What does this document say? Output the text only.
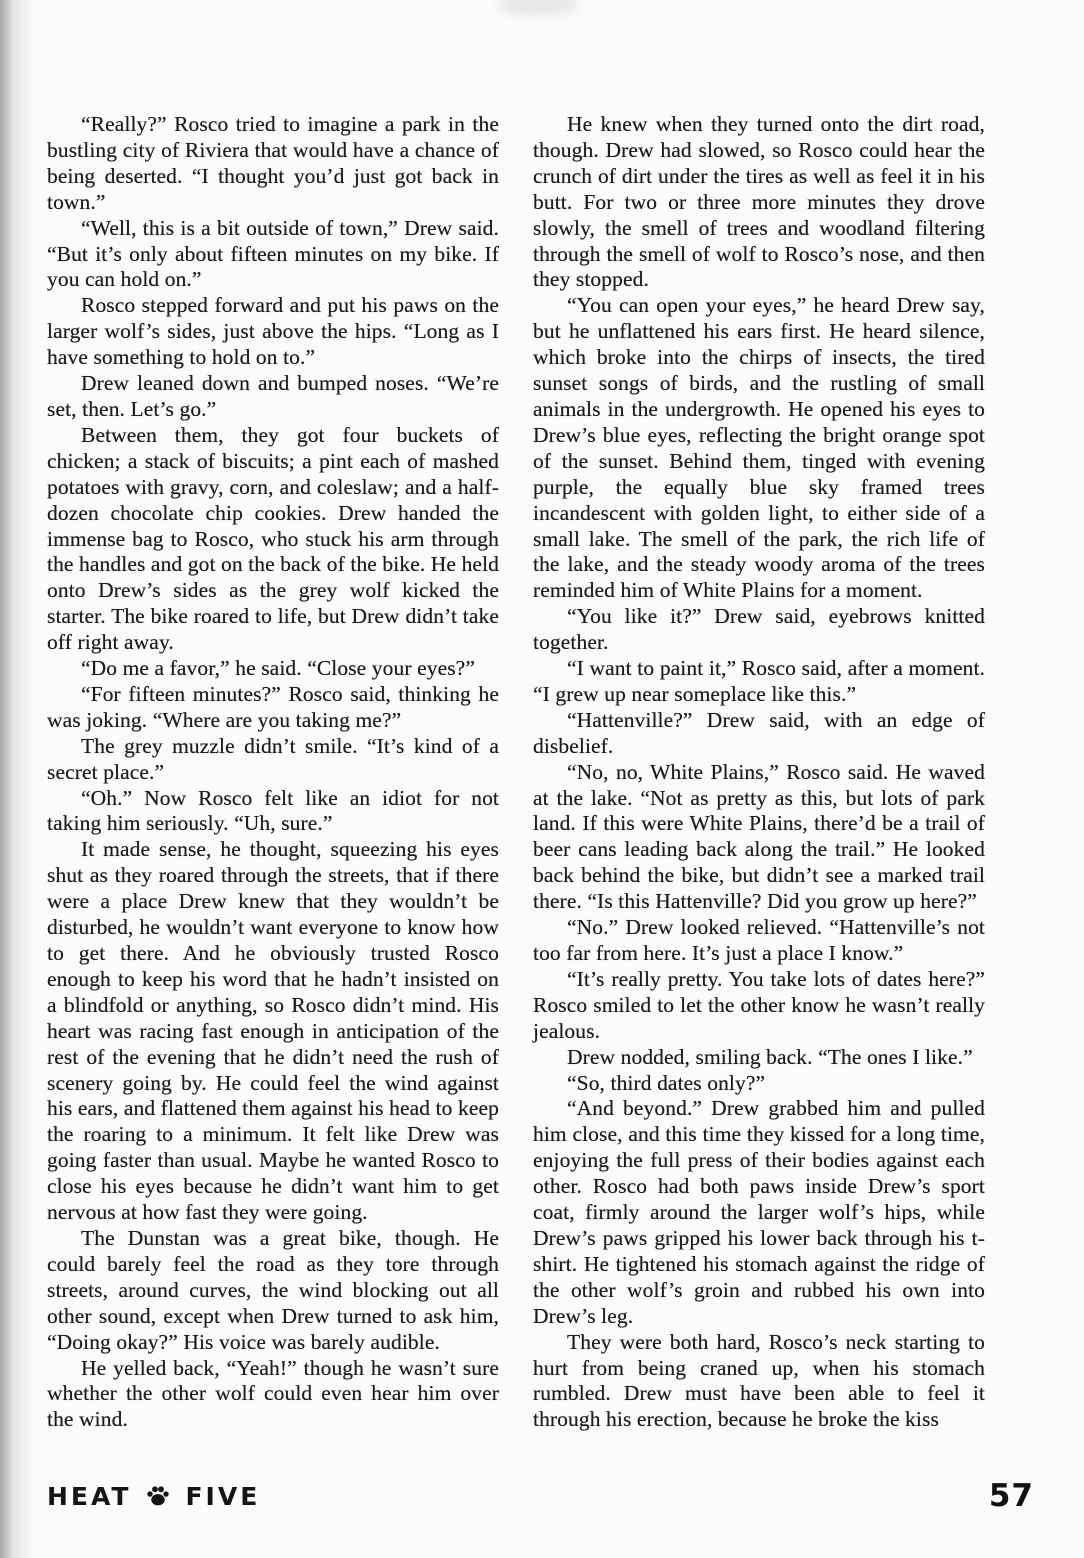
“Really?” Rosco tried to imagine a park in the bustling city of Riviera that would have a chance of being deserted. “I thought you’d just got back in town.”

“Well, this is a bit outside of town,” Drew said. “But it’s only about fifteen minutes on my bike. If you can hold on.”

Rosco stepped forward and put his paws on the larger wolf’s sides, just above the hips. “Long as I have something to hold on to.”

Drew leaned down and bumped noses. “We’re set, then. Let’s go.”

Between them, they got four buckets of chicken; a stack of biscuits; a pint each of mashed potatoes with gravy, corn, and coleslaw; and a half-dozen chocolate chip cookies. Drew handed the immense bag to Rosco, who stuck his arm through the handles and got on the back of the bike. He held onto Drew’s sides as the grey wolf kicked the starter. The bike roared to life, but Drew didn’t take off right away.

“Do me a favor,” he said. “Close your eyes?”

“For fifteen minutes?” Rosco said, thinking he was joking. “Where are you taking me?”

The grey muzzle didn’t smile. “It’s kind of a secret place.”

“Oh.” Now Rosco felt like an idiot for not taking him seriously. “Uh, sure.”

It made sense, he thought, squeezing his eyes shut as they roared through the streets, that if there were a place Drew knew that they wouldn’t be disturbed, he wouldn’t want everyone to know how to get there. And he obviously trusted Rosco enough to keep his word that he hadn’t insisted on a blindfold or anything, so Rosco didn’t mind. His heart was racing fast enough in anticipation of the rest of the evening that he didn’t need the rush of scenery going by. He could feel the wind against his ears, and flattened them against his head to keep the roaring to a minimum. It felt like Drew was going faster than usual. Maybe he wanted Rosco to close his eyes because he didn’t want him to get nervous at how fast they were going.

The Dunstan was a great bike, though. He could barely feel the road as they tore through streets, around curves, the wind blocking out all other sound, except when Drew turned to ask him, “Doing okay?” His voice was barely audible.

He yelled back, “Yeah!” though he wasn’t sure whether the other wolf could even hear him over the wind.

He knew when they turned onto the dirt road, though. Drew had slowed, so Rosco could hear the crunch of dirt under the tires as well as feel it in his butt. For two or three more minutes they drove slowly, the smell of trees and woodland filtering through the smell of wolf to Rosco’s nose, and then they stopped.

“You can open your eyes,” he heard Drew say, but he unflattened his ears first. He heard silence, which broke into the chirps of insects, the tired sunset songs of birds, and the rustling of small animals in the undergrowth. He opened his eyes to Drew’s blue eyes, reflecting the bright orange spot of the sunset. Behind them, tinged with evening purple, the equally blue sky framed trees incandescent with golden light, to either side of a small lake. The smell of the park, the rich life of the lake, and the steady woody aroma of the trees reminded him of White Plains for a moment.

“You like it?” Drew said, eyebrows knitted together.

“I want to paint it,” Rosco said, after a moment. “I grew up near someplace like this.”

“Hattenville?” Drew said, with an edge of disbelief.

“No, no, White Plains,” Rosco said. He waved at the lake. “Not as pretty as this, but lots of park land. If this were White Plains, there’d be a trail of beer cans leading back along the trail.” He looked back behind the bike, but didn’t see a marked trail there. “Is this Hattenville? Did you grow up here?”

“No.” Drew looked relieved. “Hattenville’s not too far from here. It’s just a place I know.”

“It’s really pretty. You take lots of dates here?” Rosco smiled to let the other know he wasn’t really jealous.

Drew nodded, smiling back. “The ones I like.”

“So, third dates only?”

“And beyond.” Drew grabbed him and pulled him close, and this time they kissed for a long time, enjoying the full press of their bodies against each other. Rosco had both paws inside Drew’s sport coat, firmly around the larger wolf’s hips, while Drew’s paws gripped his lower back through his t-shirt. He tightened his stomach against the ridge of the other wolf’s groin and rubbed his own into Drew’s leg.

They were both hard, Rosco’s neck starting to hurt from being craned up, when his stomach rumbled. Drew must have been able to feel it through his erection, because he broke the kiss

HEAT FIVE	57
